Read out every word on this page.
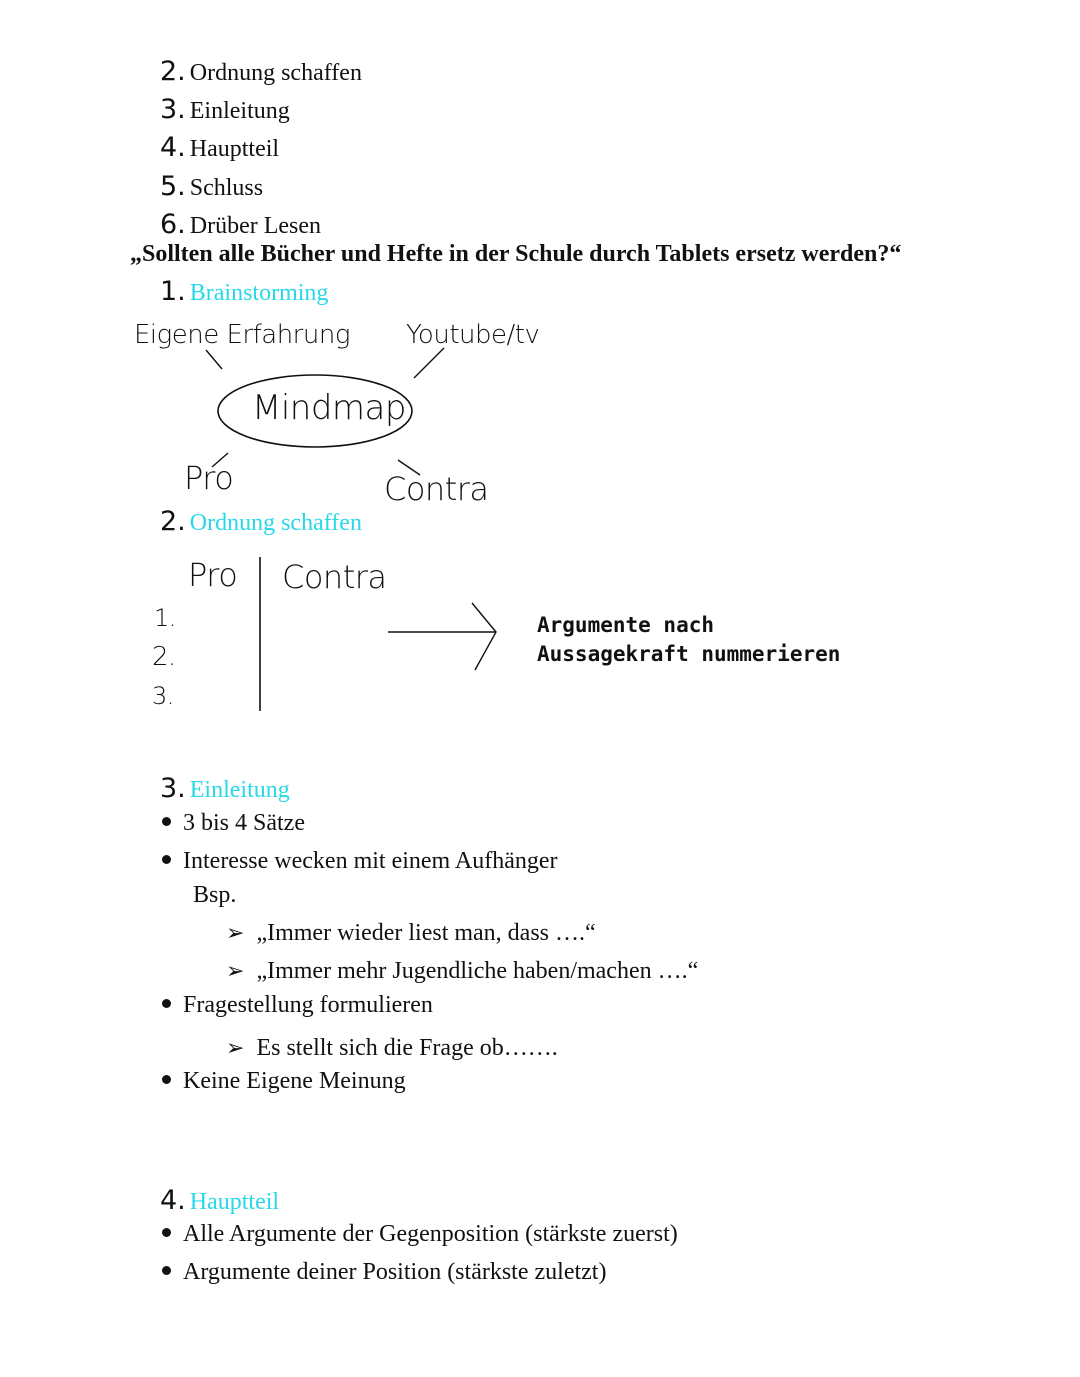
2. Ordnung schaffen
3. Einleitung
4. Hauptteil
5. Schluss
6. Drüber Lesen
„Sollten alle Bücher und Hefte in der Schule durch Tablets ersetz werden?“
1. Brainstorming
Eigene Erfahrung Youtube/tv
Mindmap
Pro	Contra
2. Ordnung schaffen
Pro Contra
1.
2.
3.
Argumente nach
Aussagekraft nummerieren
3. Einleitung
3 bis 4 Sätze
Interesse wecken mit einem Aufhänger
Bsp.
➢ „Immer wieder liest man, dass ….“
➢ „Immer mehr Jugendliche haben/machen ….“
Fragestellung formulieren
➢ Es stellt sich die Frage ob…….
Keine Eigene Meinung
4. Hauptteil
Alle Argumente der Gegenposition (stärkste zuerst)
Argumente deiner Position (stärkste zuletzt)
